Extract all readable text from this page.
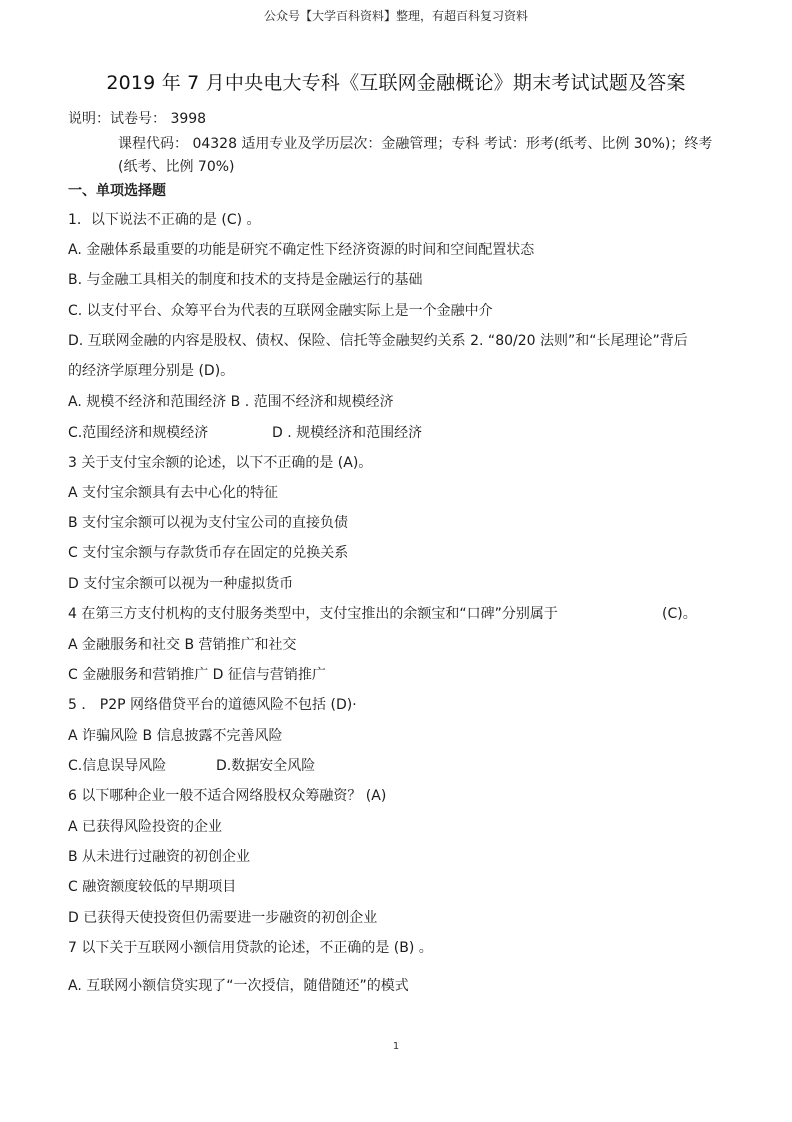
公众号【大学百科资料】整理，有超百科复习资料
2019 年 7 月中央电大专科《互联网金融概论》期末考试试题及答案
说明：试卷号： 3998
课程代码： 04328 适用专业及学历层次：金融管理；专科 考试：形考(纸考、比例 30%)；终考
(纸考、比例 70%)
一、单项选择题
1．以下说法不正确的是 (C) 。
A. 金融体系最重要的功能是研究不确定性下经济资源的时间和空间配置状态
B. 与金融工具相关的制度和技术的支持是金融运行的基础
C. 以支付平台、众筹平台为代表的互联网金融实际上是一个金融中介
D. 互联网金融的内容是股权、债权、保险、信托等金融契约关系 2. “80/20 法则”和“长尾理论”背后
的经济学原理分别是 (D)。
A. 规模不经济和范围经济 B . 范围不经济和规模经济
C.范围经济和规模经济	D . 规模经济和范围经济
3 关于支付宝余额的论述，以下不正确的是 (A)。
A 支付宝余额具有去中心化的特征
B 支付宝余额可以视为支付宝公司的直接负债
C 支付宝余额与存款货币存在固定的兑换关系
D 支付宝余额可以视为一种虚拟货币
4 在第三方支付机构的支付服务类型中，支付宝推出的余额宝和“口碑”分别属于	(C)。
A 金融服务和社交 B 营销推广和社交
C 金融服务和营销推广 D 征信与营销推广
5 ． P2P 网络借贷平台的道德风险不包括 (D)·
A 诈骗风险 B 信息披露不完善风险
C.信息误导风险	D.数据安全风险
6 以下哪种企业一般不适合网络股权众筹融资？ (A)
A 已获得风险投资的企业
B 从未进行过融资的初创企业
C 融资额度较低的早期项目
D 已获得天使投资但仍需要进一步融资的初创企业
7 以下关于互联网小额信用贷款的论述，不正确的是 (B) 。
A. 互联网小额信贷实现了“一次授信，随借随还”的模式
1
